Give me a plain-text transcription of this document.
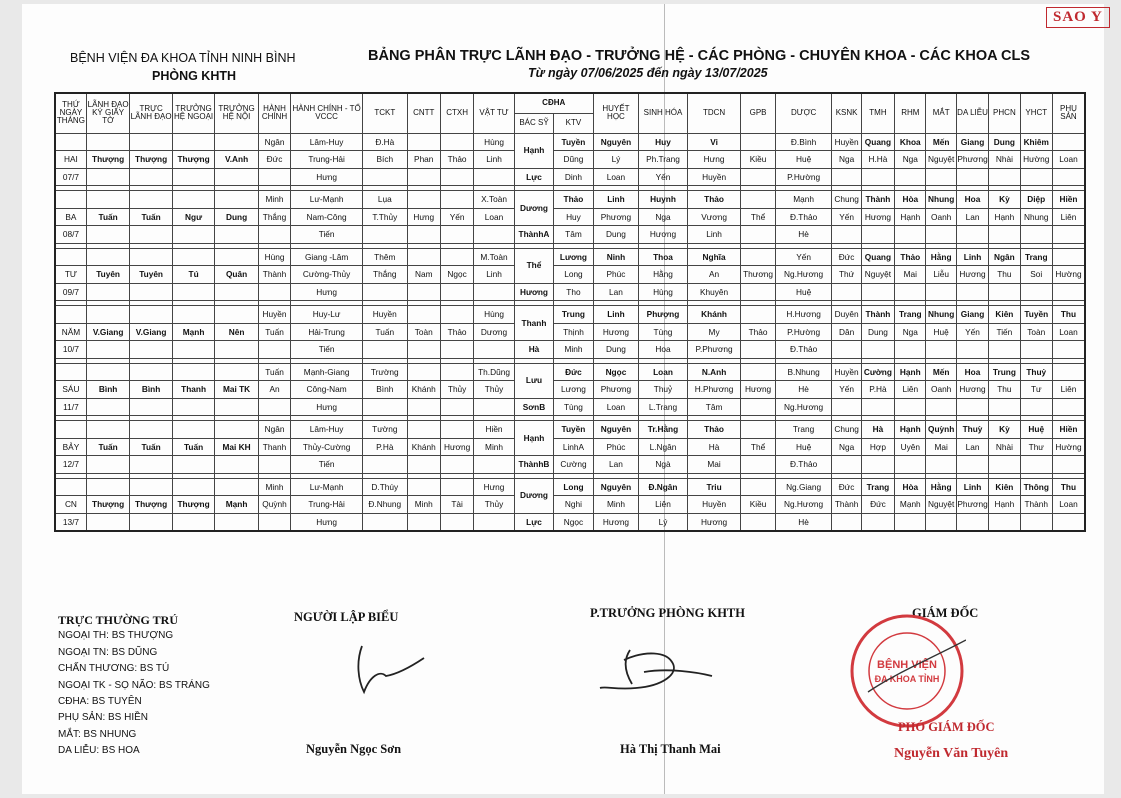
SAO Y
BỆNH VIỆN ĐA KHOA TỈNH NINH BÌNH
PHÒNG KHTH
BẢNG PHÂN TRỰC LÃNH ĐẠO - TRƯỞNG HỆ - CÁC PHÒNG - CHUYÊN KHOA - CÁC KHOA CLS
Từ ngày 07/06/2025 đến ngày 13/07/2025
THỨ NGÀY THÁNG	LÃNH ĐẠO KÝ GIẤY TỜ	TRỰC LÃNH ĐẠO	TRƯỞNG HỆ NGOẠI	TRƯỞNG HỆ NỘI	HÀNH CHÍNH	HÀNH CHÍNH - TỔ VCCC	TCKT	CNTT	CTXH	VẬT TƯ	CĐHA		HUYẾT HỌC	SINH HÓA	TDCN	GPB	DƯỢC	KSNK	TMH	RHM	MẮT	DA LIỄU	PHCN	YHCT	PHỤ SẢN
											BÁC SỸ	KTV													
					Ngân	Lâm-Huy	Đ.Hà			Hùng	Hạnh	Tuyền	Nguyên	Huy	Vi		Đ.Bình	Huyền	Quang	Khoa	Mến	Giang	Dung	Khiêm	
HAI	Thượng	Thượng	Thượng	V.Anh	Đức	Trung-Hải	Bích	Phan	Thảo	Linh		Dũng	Lý	Ph.Trang	Hưng	Kiều	Huệ	Nga	H.Hà	Nga	Nguyệt	Phương	Nhài	Hường	Loan
07/7						Hưng					Lực	Dinh	Loan	Yến	Huyền		P.Hường								

					Minh	Lư-Mạnh	Lụa			X.Toàn	Dương	Thảo	Linh	Huynh	Thảo		Mạnh	Chung	Thành	Hòa	Nhung	Hoa	Kỳ	Diệp	Hiền
BA	Tuấn	Tuấn	Ngư	Dung	Thắng	Nam-Công	T.Thủy	Hưng	Yến	Loan		Huy	Phương	Nga	Vương	Thể	Đ.Thảo	Yến	Hương	Hạnh	Oanh	Lan	Hạnh	Nhung	Liên
08/7						Tiến					ThànhA	Tâm	Dung	Hương	Linh		Hè								

					Hùng	Giang -Lâm	Thêm			M.Toàn	Thể	Lương	Ninh	Thoa	Nghĩa		Yến	Đức	Quang	Thảo	Hằng	Linh	Ngân	Trang	
TƯ	Tuyên	Tuyên	Tú	Quân	Thành	Cường-Thủy	Thắng	Nam	Ngọc	Linh		Long	Phúc	Hằng	An	Thương	Ng.Hương	Thứ	Nguyệt	Mai	Liễu	Hương	Thu	Soi	Hường
09/7						Hưng					Hương	Tho	Lan	Hùng	Khuyên		Huệ								

					Huyền	Huy-Lư	Huyền			Hùng	Thanh	Trung	Linh	Phượng	Khánh		H.Hương	Duyên	Thành	Trang	Nhung	Giang	Kiên	Tuyền	Thu
NĂM	V.Giang	V.Giang	Mạnh	Nên	Tuấn	Hải-Trung	Tuấn	Toàn	Thảo	Dương		Thịnh	Hương	Tùng	My	Thảo	P.Hường	Dân	Dung	Nga	Huệ	Yến	Tiến	Toàn	Loan
10/7						Tiến					Hà	Minh	Dung	Hoa	P.Phương		Đ.Thảo								

					Tuấn	Mạnh-Giang	Trường			Th.Dũng	Lưu	Đức	Ngọc	Loan	N.Anh		B.Nhung	Huyền	Cường	Hạnh	Mến	Hoa	Trung	Thuỷ	
SÁU	Bình	Bình	Thanh	Mai TK	An	Công-Nam	Bình	Khánh	Thủy	Thủy		Lương	Phương	Thuỷ	H.Phương	Hương	Hè	Yến	P.Hà	Liên	Oanh	Hương	Thu	Tư	Liên
11/7						Hưng					SơnB	Tùng	Loan	L.Trang	Tâm		Ng.Hương								

					Ngân	Lâm-Huy	Tường			Hiền	Hạnh	Tuyền	Nguyên	Tr.Hằng	Thảo		Trang	Chung	Hà	Hạnh	Quỳnh	Thuỳ	Kỳ	Huệ	Hiền
BẢY	Tuấn	Tuấn	Tuấn	Mai KH	Thanh	Thủy-Cường	P.Hà	Khánh	Hương	Minh		LinhA	Phúc	L.Ngân	Hà	Thể	Huệ	Nga	Hợp	Uyên	Mai	Lan	Nhài	Thư	Hường
12/7						Tiến					ThànhB	Cường	Lan	Ngà	Mai		Đ.Thảo								

					Minh	Lư-Mạnh	D.Thúy			Hưng	Dương	Long	Nguyên	Đ.Ngân	Triu		Ng.Giang	Đức	Trang	Hòa	Hằng	Linh	Kiên	Thông	Thu
CN	Thượng	Thượng	Thượng	Mạnh	Quỳnh	Trung-Hải	Đ.Nhung	Minh	Tài	Thủy		Nghi	Minh	Liên	Huyền	Kiều	Ng.Hương	Thành	Đức	Mạnh	Nguyệt	Phương	Hạnh	Thành	Loan
13/7						Hưng					Lực	Ngọc	Hương	Lý	Hương		Hè								
TRỰC THƯỜNG TRÚ
NGOẠI TH: BS THƯỢNG
NGOẠI TN: BS DŨNG
CHẤN THƯƠNG: BS TÚ
NGOẠI TK - SỌ NÃO: BS TRÁNG
CĐHA: BS TUYÊN
PHỤ SẢN: BS HIỀN
MẮT: BS NHUNG
DA LIỄU: BS HOA
NGƯỜI LẬP BIỂU
Nguyễn Ngọc Sơn
P.TRƯỞNG PHÒNG KHTH
Hà Thị Thanh Mai
GIÁM ĐỐC
BỆNH VIỆN
ĐA KHOA TỈNH
PHÓ GIÁM ĐỐC
Nguyễn Văn Tuyên
